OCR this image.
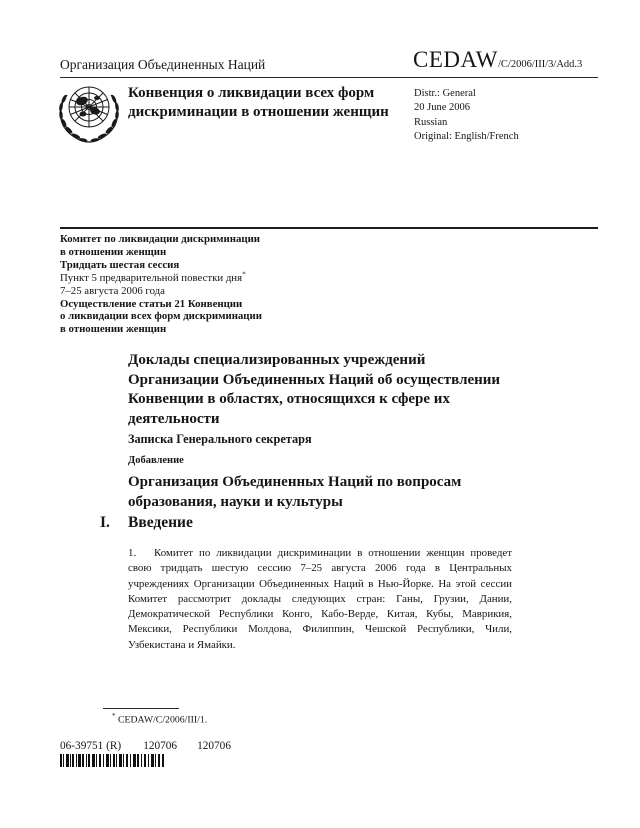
Организация Объединенных Наций	CEDAW/C/2006/III/3/Add.3
Конвенция о ликвидации всех форм дискриминации в отношении женщин
Distr.: General
20 June 2006
Russian
Original: English/French
Комитет по ликвидации дискриминации
в отношении женщин
Тридцать шестая сессия
Пункт 5 предварительной повестки дня*
7–25 августа 2006 года
Осуществление статьи 21 Конвенции
о ликвидации всех форм дискриминации
в отношении женщин
Доклады специализированных учреждений Организации Объединенных Наций об осуществлении Конвенции в областях, относящихся к сфере их деятельности
Записка Генерального секретаря
Добавление
Организация Объединенных Наций по вопросам образования, науки и культуры
I. Введение
1. Комитет по ликвидации дискриминации в отношении женщин проведет свою тридцать шестую сессию 7–25 августа 2006 года в Центральных учреждениях Организации Объединенных Наций в Нью-Йорке. На этой сессии Комитет рассмотрит доклады следующих стран: Ганы, Грузии, Дании, Демократической Республики Конго, Кабо-Верде, Китая, Кубы, Маврикия, Мексики, Республики Молдова, Филиппин, Чешской Республики, Чили, Узбекистана и Ямайки.
* CEDAW/C/2006/III/1.
06-39751 (R) 120706 120706
